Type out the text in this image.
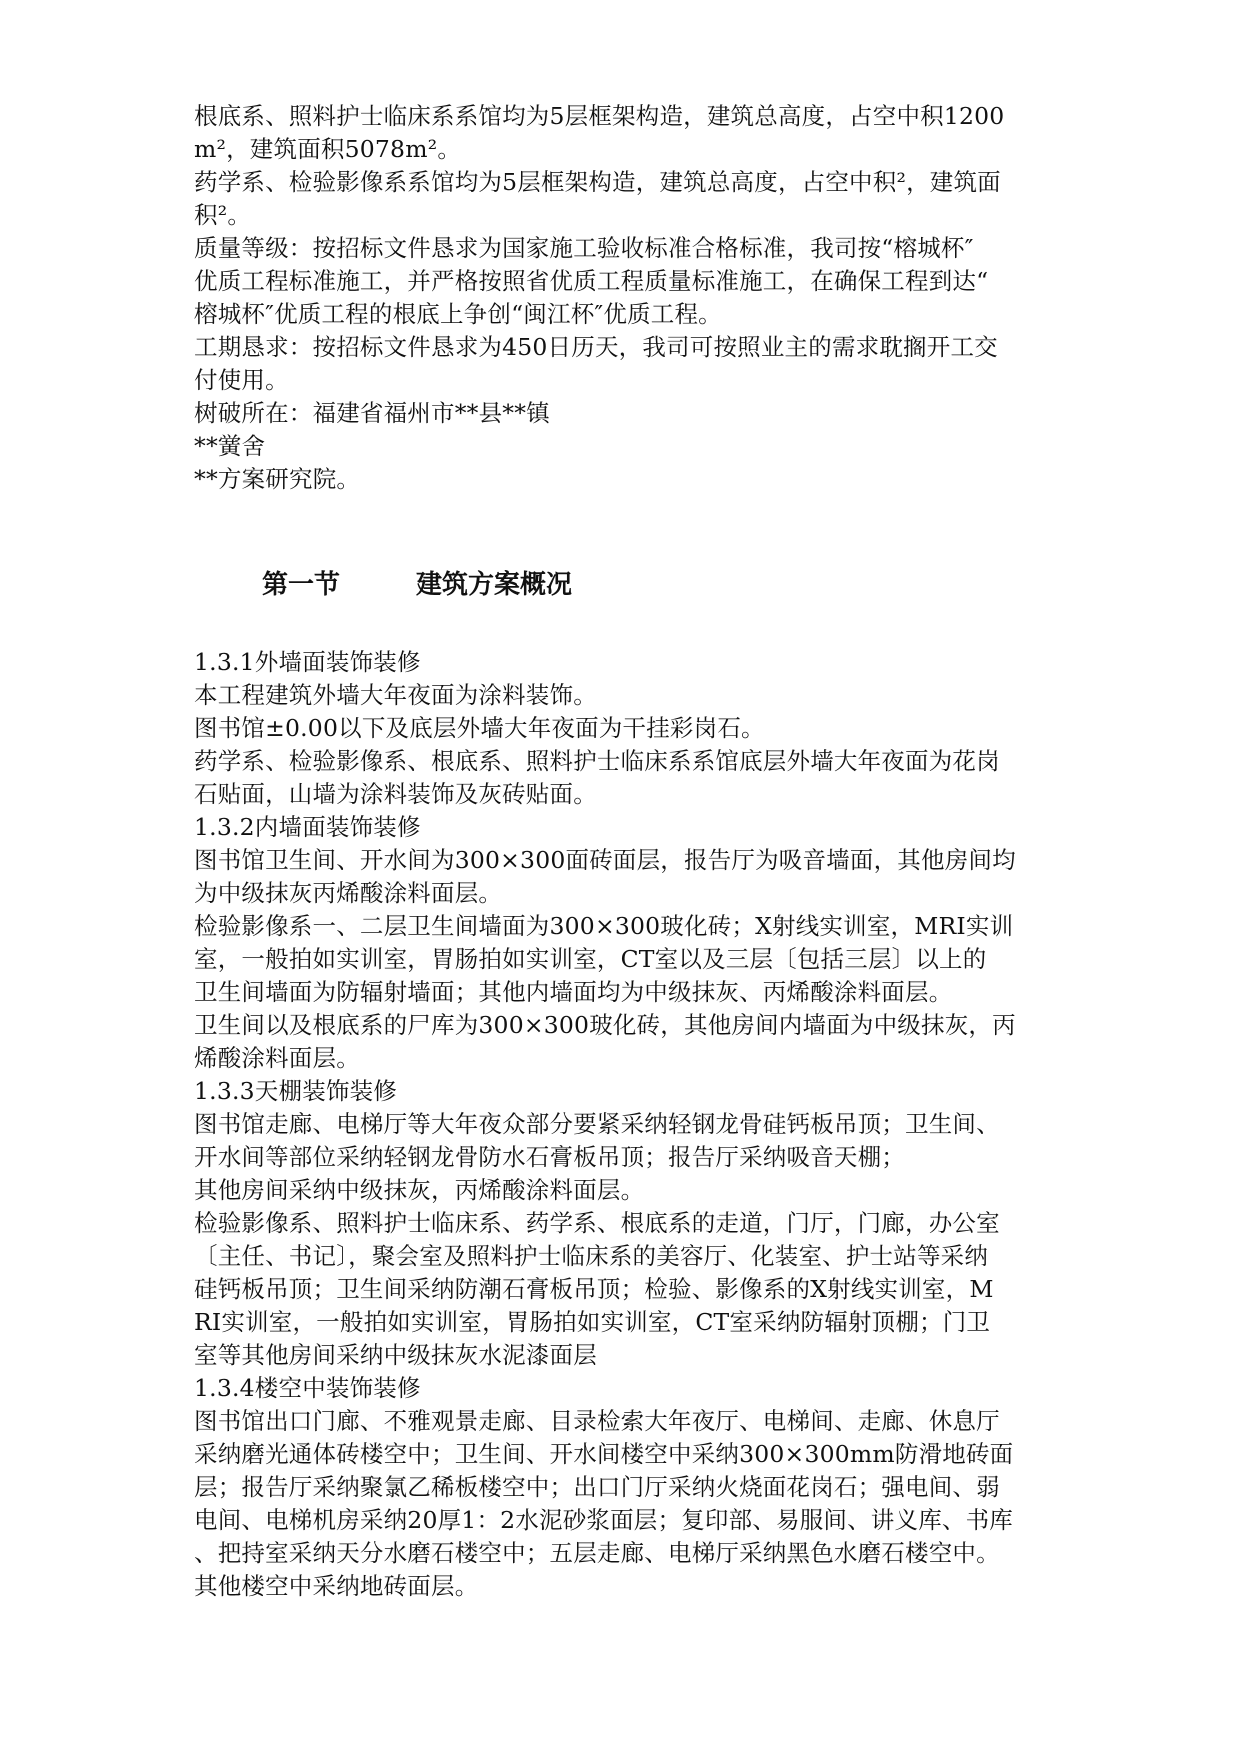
根底系、照料护士临床系系馆均为5层框架构造，建筑总高度，占空中积1200
m²，建筑面积5078m²。
药学系、检验影像系系馆均为5层框架构造，建筑总高度，占空中积²，建筑面
积²。
质量等级：按招标文件恳求为国家施工验收标准合格标准，我司按“榕城杯″
优质工程标准施工，并严格按照省优质工程质量标准施工，在确保工程到达“
榕城杯″优质工程的根底上争创“闽江杯″优质工程。
工期恳求：按招标文件恳求为450日历天，我司可按照业主的需求耽搁开工交
付使用。
树破所在：福建省福州市**县**镇
**黉舍
**方案研究院。
第一节	建筑方案概况
1.3.1外墙面装饰装修
本工程建筑外墙大年夜面为涂料装饰。
图书馆±0.00以下及底层外墙大年夜面为干挂彩岗石。
药学系、检验影像系、根底系、照料护士临床系系馆底层外墙大年夜面为花岗
石贴面，山墙为涂料装饰及灰砖贴面。
1.3.2内墙面装饰装修
图书馆卫生间、开水间为300×300面砖面层，报告厅为吸音墙面，其他房间均
为中级抹灰丙烯酸涂料面层。
检验影像系一、二层卫生间墙面为300×300玻化砖；X射线实训室，MRI实训
室，一般拍如实训室，胃肠拍如实训室，CT室以及三层〔包括三层〕以上的
卫生间墙面为防辐射墙面；其他内墙面均为中级抹灰、丙烯酸涂料面层。
卫生间以及根底系的尸库为300×300玻化砖，其他房间内墙面为中级抹灰，丙
烯酸涂料面层。
1.3.3天棚装饰装修
图书馆走廊、电梯厅等大年夜众部分要紧采纳轻钢龙骨硅钙板吊顶；卫生间、
开水间等部位采纳轻钢龙骨防水石膏板吊顶；报告厅采纳吸音天棚；
其他房间采纳中级抹灰，丙烯酸涂料面层。
检验影像系、照料护士临床系、药学系、根底系的走道，门厅，门廊，办公室
〔主任、书记〕，聚会室及照料护士临床系的美容厅、化装室、护士站等采纳
硅钙板吊顶；卫生间采纳防潮石膏板吊顶；检验、影像系的X射线实训室，M
RI实训室，一般拍如实训室，胃肠拍如实训室，CT室采纳防辐射顶棚；门卫
室等其他房间采纳中级抹灰水泥漆面层
1.3.4楼空中装饰装修
图书馆出口门廊、不雅观景走廊、目录检索大年夜厅、电梯间、走廊、休息厅
采纳磨光通体砖楼空中；卫生间、开水间楼空中采纳300×300mm防滑地砖面
层；报告厅采纳聚氯乙稀板楼空中；出口门厅采纳火烧面花岗石；强电间、弱
电间、电梯机房采纳20厚1：2水泥砂浆面层；复印部、易服间、讲义库、书库
、把持室采纳天分水磨石楼空中；五层走廊、电梯厅采纳黑色水磨石楼空中。
其他楼空中采纳地砖面层。
